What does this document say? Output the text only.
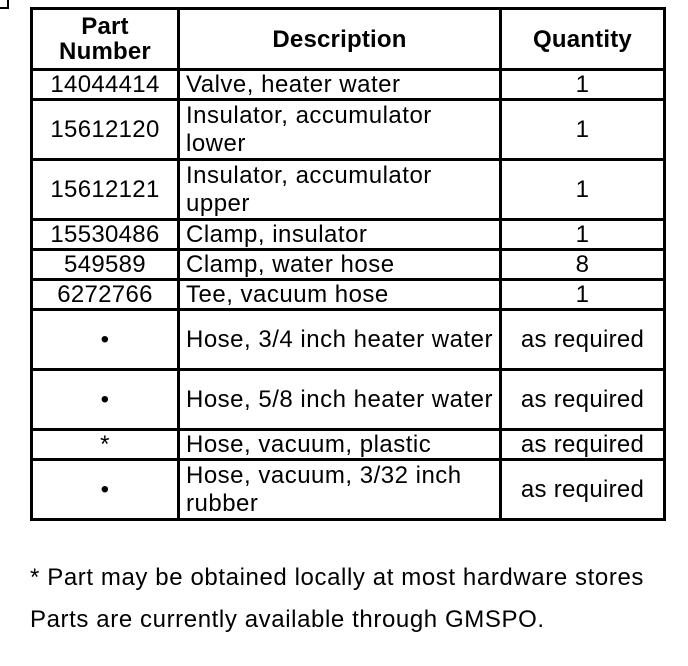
Part
Number	Description	Quantity
14044414	Valve, heater water	1
15612120	Insulator, accumulator lower	1
15612121	Insulator, accumulator upper	1
15530486	Clamp, insulator	1
549589	Clamp, water hose	8
6272766	Tee, vacuum hose	1
•	Hose, 3/4 inch heater water	as required
•	Hose, 5/8 inch heater water	as required
*	Hose, vacuum, plastic	as required
•	Hose, vacuum, 3/32 inch rubber	as required

* Part may be obtained locally at most hardware stores

Parts are currently available through GMSPO.
